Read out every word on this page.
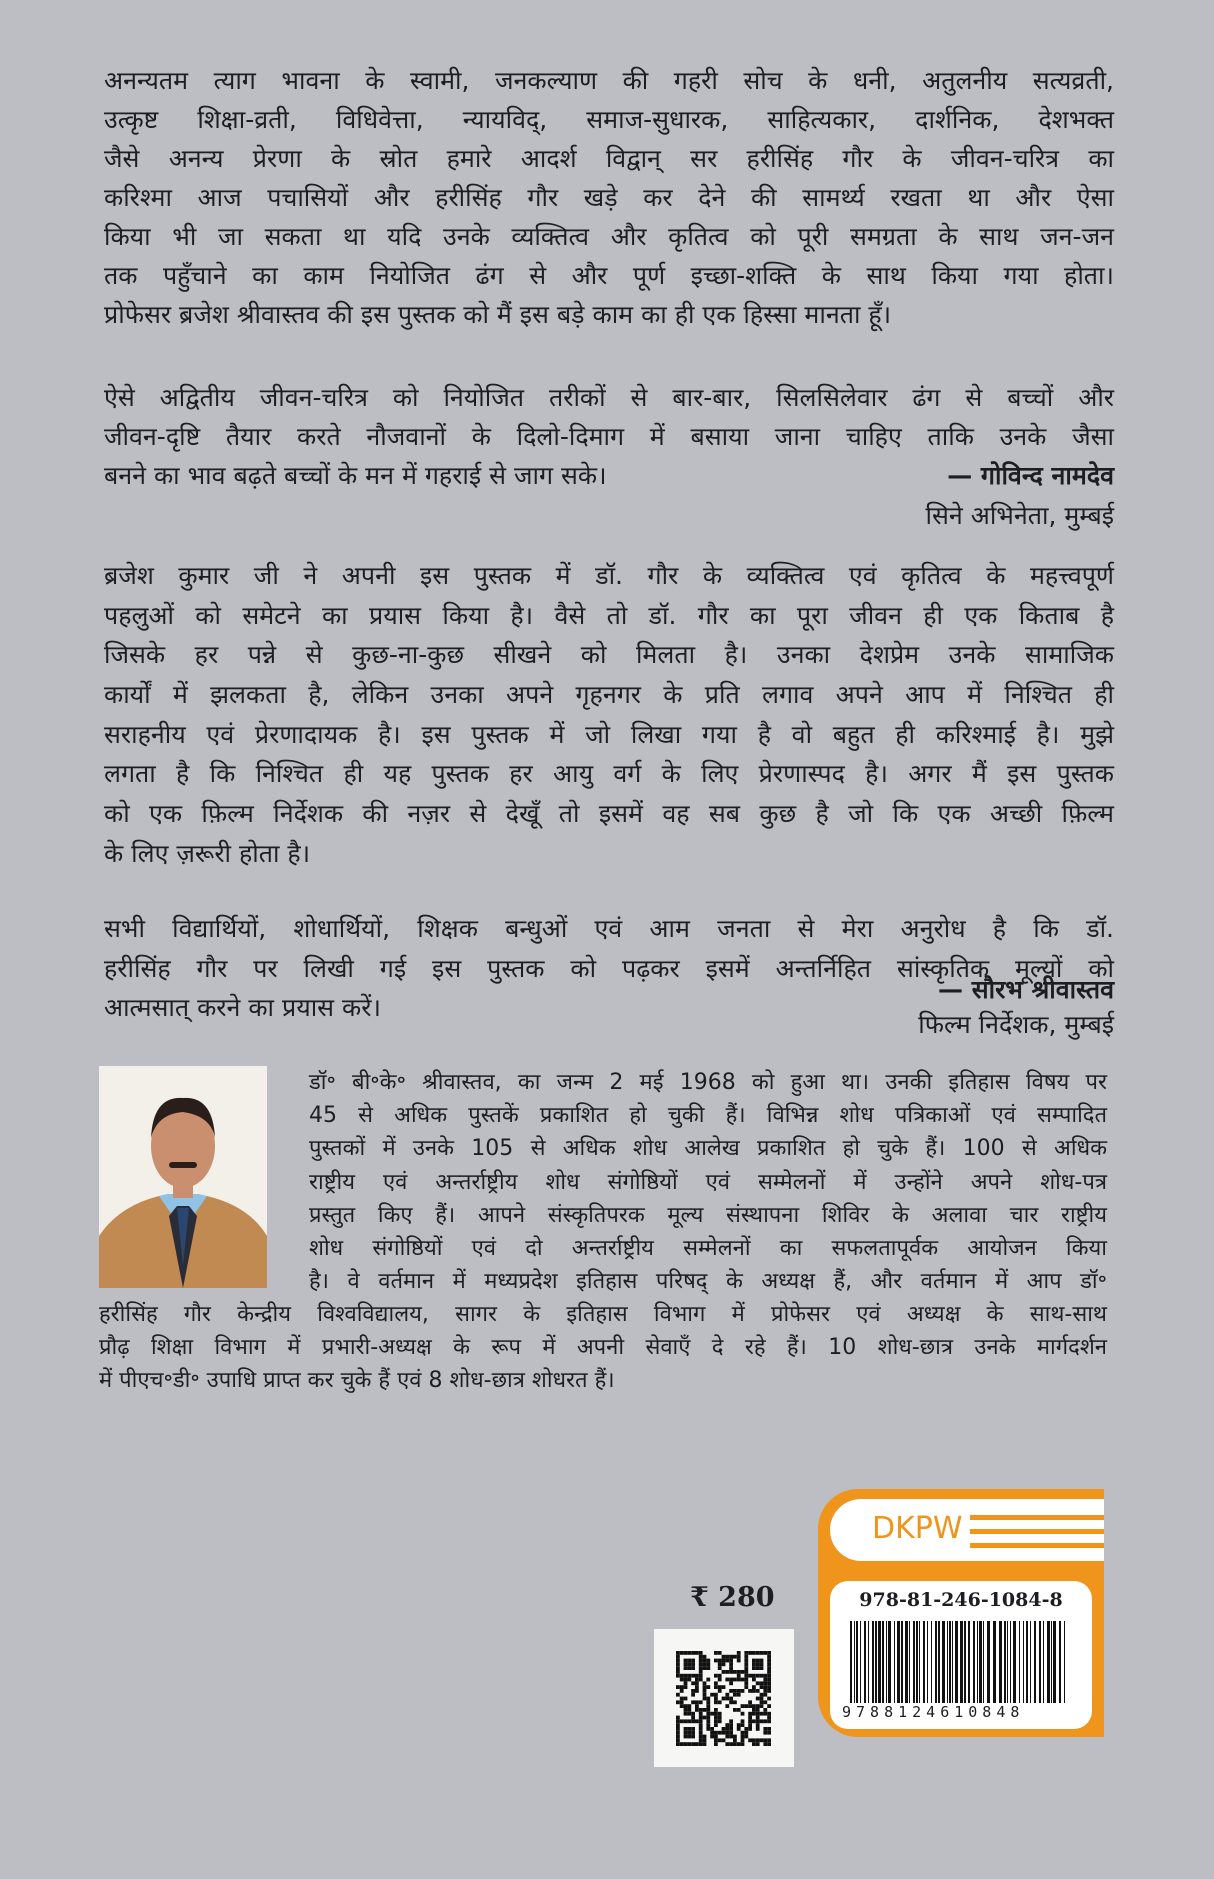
अनन्यतम त्याग भावना के स्वामी, जनकल्याण की गहरी सोच के धनी, अतुलनीय सत्यव्रती,
उत्कृष्ट शिक्षा-व्रती, विधिवेत्ता, न्यायविद्, समाज-सुधारक, साहित्यकार, दार्शनिक, देशभक्त
जैसे अनन्य प्रेरणा के स्रोत हमारे आदर्श विद्वान् सर हरीसिंह गौर के जीवन-चरित्र का
करिश्मा आज पचासियों और हरीसिंह गौर खड़े कर देने की सामर्थ्य रखता था और ऐसा
किया भी जा सकता था यदि उनके व्यक्तित्व और कृतित्व को पूरी समग्रता के साथ जन-जन
तक पहुँचाने का काम नियोजित ढंग से और पूर्ण इच्छा-शक्ति के साथ किया गया होता।
प्रोफेसर ब्रजेश श्रीवास्तव की इस पुस्तक को मैं इस बड़े काम का ही एक हिस्सा मानता हूँ।
ऐसे अद्वितीय जीवन-चरित्र को नियोजित तरीकों से बार-बार, सिलसिलेवार ढंग से बच्चों और
जीवन-दृष्टि तैयार करते नौजवानों के दिलो-दिमाग में बसाया जाना चाहिए ताकि उनके जैसा
बनने का भाव बढ़ते बच्चों के मन में गहराई से जाग सके।	— गोविन्द नामदेव
सिने अभिनेता, मुम्बई
ब्रजेश कुमार जी ने अपनी इस पुस्तक में डॉ. गौर के व्यक्तित्व एवं कृतित्व के महत्त्वपूर्ण
पहलुओं को समेटने का प्रयास किया है। वैसे तो डॉ. गौर का पूरा जीवन ही एक किताब है
जिसके हर पन्ने से कुछ-ना-कुछ सीखने को मिलता है। उनका देशप्रेम उनके सामाजिक
कार्यों में झलकता है, लेकिन उनका अपने गृहनगर के प्रति लगाव अपने आप में निश्चित ही
सराहनीय एवं प्रेरणादायक है। इस पुस्तक में जो लिखा गया है वो बहुत ही करिश्माई है। मुझे
लगता है कि निश्चित ही यह पुस्तक हर आयु वर्ग के लिए प्रेरणास्पद है। अगर मैं इस पुस्तक
को एक फ़िल्म निर्देशक की नज़र से देखूँ तो इसमें वह सब कुछ है जो कि एक अच्छी फ़िल्म
के लिए ज़रूरी होता है।
सभी विद्यार्थियों, शोधार्थियों, शिक्षक बन्धुओं एवं आम जनता से मेरा अनुरोध है कि डॉ.
हरीसिंह गौर पर लिखी गई इस पुस्तक को पढ़कर इसमें अन्तर्निहित सांस्कृतिक मूल्यों को
आत्मसात् करने का प्रयास करें।
— सौरभ श्रीवास्तव
फिल्म निर्देशक, मुम्बई
डॉ॰ बी॰के॰ श्रीवास्तव, का जन्म 2 मई 1968 को हुआ था। उनकी इतिहास विषय पर
45 से अधिक पुस्तकें प्रकाशित हो चुकी हैं। विभिन्न शोध पत्रिकाओं एवं सम्पादित
पुस्तकों में उनके 105 से अधिक शोध आलेख प्रकाशित हो चुके हैं। 100 से अधिक
राष्ट्रीय एवं अन्तर्राष्ट्रीय शोध संगोष्ठियों एवं सम्मेलनों में उन्होंने अपने शोध-पत्र
प्रस्तुत किए हैं। आपने संस्कृतिपरक मूल्य संस्थापना शिविर के अलावा चार राष्ट्रीय
शोध संगोष्ठियों एवं दो अन्तर्राष्ट्रीय सम्मेलनों का सफलतापूर्वक आयोजन किया
है। वे वर्तमान में मध्यप्रदेश इतिहास परिषद् के अध्यक्ष हैं, और वर्तमान में आप डॉ॰
हरीसिंह गौर केन्द्रीय विश्वविद्यालय, सागर के इतिहास विभाग में प्रोफेसर एवं अध्यक्ष के साथ-साथ
प्रौढ़ शिक्षा विभाग में प्रभारी-अध्यक्ष के रूप में अपनी सेवाएँ दे रहे हैं। 10 शोध-छात्र उनके मार्गदर्शन
में पीएच॰डी॰ उपाधि प्राप्त कर चुके हैं एवं 8 शोध-छात्र शोधरत हैं।
₹ 280
DKPW
978-81-246-1084-8
9788124610848
